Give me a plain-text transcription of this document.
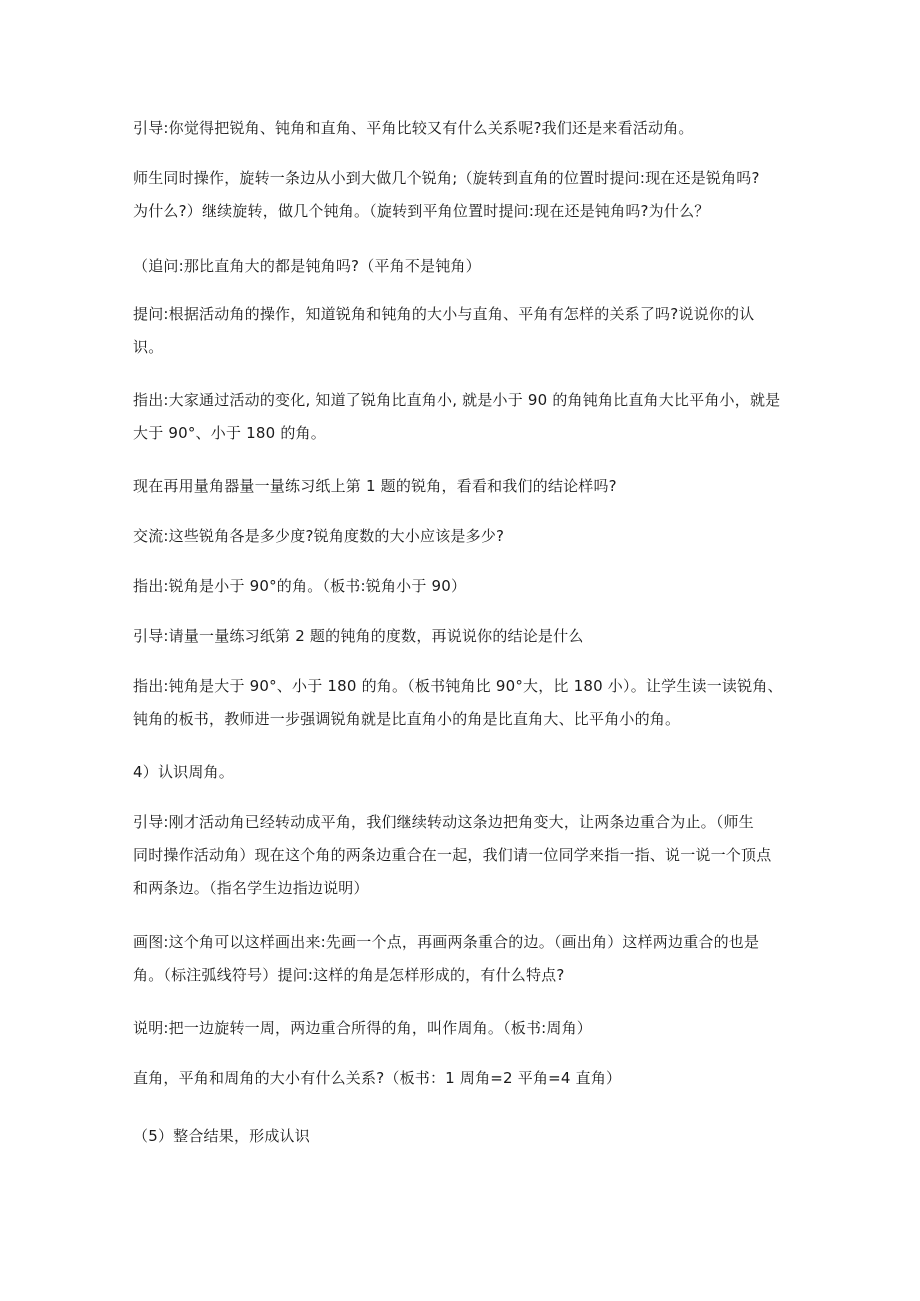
引导:你觉得把锐角、钝角和直角、平角比较又有什么关系呢?我们还是来看活动角。
师生同时操作，旋转一条边从小到大做几个锐角;（旋转到直角的位置时提问:现在还是锐角吗?
为什么?）继续旋转，做几个钝角。（旋转到平角位置时提问:现在还是钝角吗?为什么？
（追问:那比直角大的都是钝角吗?（平角不是钝角）
提问:根据活动角的操作，知道锐角和钝角的大小与直角、平角有怎样的关系了吗?说说你的认
识。
指出:大家通过活动的变化, 知道了锐角比直角小, 就是小于 90 的角钝角比直角大比平角小，就是
大于 90°、小于 180 的角。
现在再用量角器量一量练习纸上第 1 题的锐角，看看和我们的结论样吗?
交流:这些锐角各是多少度?锐角度数的大小应该是多少?
指出:锐角是小于 90°的角。（板书:锐角小于 90）
引导:请量一量练习纸第 2 题的钝角的度数，再说说你的结论是什么
指出:钝角是大于 90°、小于 180 的角。（板书钝角比 90°大，比 180 小）。让学生读一读锐角、
钝角的板书，教师进一步强调锐角就是比直角小的角是比直角大、比平角小的角。
4）认识周角。
引导:刚才活动角已经转动成平角，我们继续转动这条边把角变大，让两条边重合为止。（师生
同时操作活动角）现在这个角的两条边重合在一起，我们请一位同学来指一指、说一说一个顶点
和两条边。（指名学生边指边说明）
画图:这个角可以这样画出来:先画一个点，再画两条重合的边。（画出角）这样两边重合的也是
角。（标注弧线符号）提问:这样的角是怎样形成的，有什么特点?
说明:把一边旋转一周，两边重合所得的角，叫作周角。（板书:周角）
直角，平角和周角的大小有什么关系?（板书：1 周角=2 平角=4 直角）
（5）整合结果，形成认识
